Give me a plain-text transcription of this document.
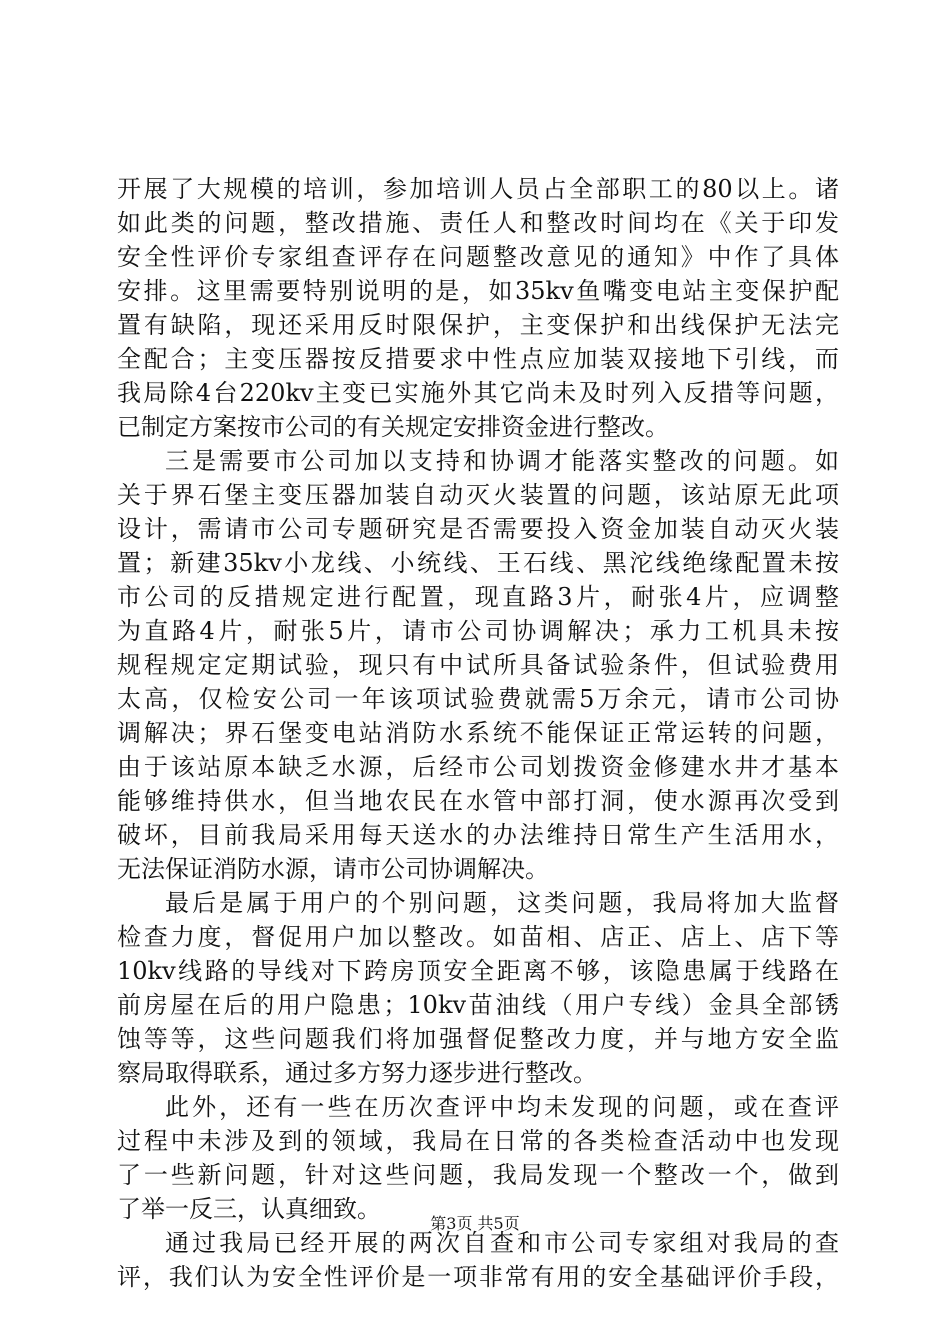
开展了大规模的培训，参加培训人员占全部职工的80以上。诸
如此类的问题，整改措施、责任人和整改时间均在《关于印发
安全性评价专家组查评存在问题整改意见的通知》中作了具体
安排。这里需要特别说明的是，如35kv鱼嘴变电站主变保护配
置有缺陷，现还采用反时限保护，主变保护和出线保护无法完
全配合；主变压器按反措要求中性点应加装双接地下引线，而
我局除4台220kv主变已实施外其它尚未及时列入反措等问题，
已制定方案按市公司的有关规定安排资金进行整改。
三是需要市公司加以支持和协调才能落实整改的问题。如
关于界石堡主变压器加装自动灭火装置的问题，该站原无此项
设计，需请市公司专题研究是否需要投入资金加装自动灭火装
置；新建35kv小龙线、小统线、王石线、黑沱线绝缘配置未按
市公司的反措规定进行配置，现直路3片，耐张4片，应调整
为直路4片，耐张5片，请市公司协调解决；承力工机具未按
规程规定定期试验，现只有中试所具备试验条件，但试验费用
太高，仅检安公司一年该项试验费就需5万余元，请市公司协
调解决；界石堡变电站消防水系统不能保证正常运转的问题，
由于该站原本缺乏水源，后经市公司划拨资金修建水井才基本
能够维持供水，但当地农民在水管中部打洞，使水源再次受到
破坏，目前我局采用每天送水的办法维持日常生产生活用水，
无法保证消防水源，请市公司协调解决。
最后是属于用户的个别问题，这类问题，我局将加大监督
检查力度，督促用户加以整改。如苗相、店正、店上、店下等
10kv线路的导线对下跨房顶安全距离不够，该隐患属于线路在
前房屋在后的用户隐患；10kv苗油线（用户专线）金具全部锈
蚀等等，这些问题我们将加强督促整改力度，并与地方安全监
察局取得联系，通过多方努力逐步进行整改。
此外，还有一些在历次查评中均未发现的问题，或在查评
过程中未涉及到的领域，我局在日常的各类检查活动中也发现
了一些新问题，针对这些问题，我局发现一个整改一个，做到
了举一反三，认真细致。
通过我局已经开展的两次自查和市公司专家组对我局的查
评，我们认为安全性评价是一项非常有用的安全基础评价手段，
第3页 共5页
